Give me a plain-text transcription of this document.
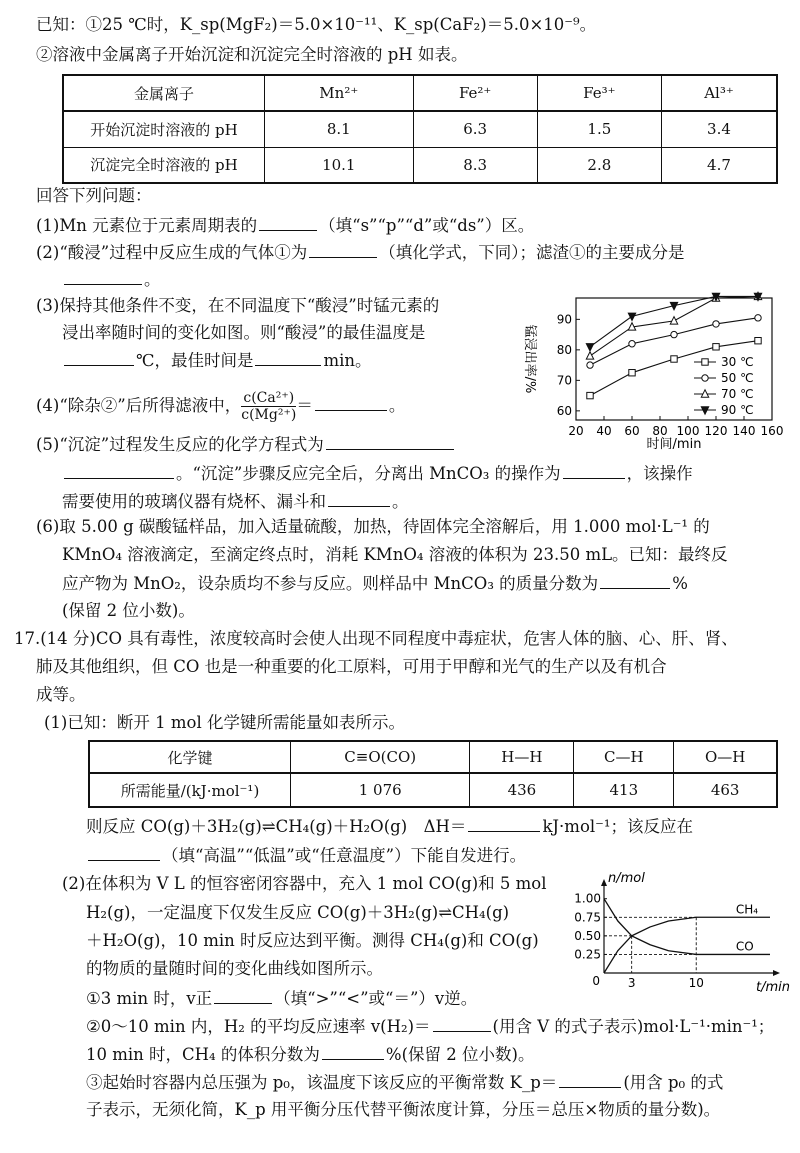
已知：①25 ℃时，K_sp(MgF₂)＝5.0×10⁻¹¹、K_sp(CaF₂)＝5.0×10⁻⁹。
②溶液中金属离子开始沉淀和沉淀完全时溶液的 pH 如表。
金属离子	Mn²⁺	Fe²⁺	Fe³⁺	Al³⁺
开始沉淀时溶液的 pH	8.1	6.3	1.5	3.4
沉淀完全时溶液的 pH	10.1	8.3	2.8	4.7
回答下列问题：
(1)Mn 元素位于元素周期表的	（填“s”“p”“d”或“ds”）区。
(2)“酸浸”过程中反应生成的气体①为	（填化学式，下同）；滤渣①的主要成分是
。
(3)保持其他条件不变，在不同温度下“酸浸”时锰元素的
浸出率随时间的变化如图。则“酸浸”的最佳温度是
℃，最佳时间是	min。
(4)“除杂②”后所得滤液中， $\frac{\text{c(Ca²⁺)}}{\text{c(Mg²⁺)}}$ ＝	。
(5)“沉淀”过程发生反应的化学方程式为
。“沉淀”步骤反应完全后，分离出 MnCO₃ 的操作为	，该操作
需要使用的玻璃仪器有烧杯、漏斗和	。
(6)取 5.00 g 碳酸锰样品，加入适量硫酸，加热，待固体完全溶解后，用 1.000 mol·L⁻¹ 的
KMnO₄ 溶液滴定，至滴定终点时，消耗 KMnO₄ 溶液的体积为 23.50 mL。已知：最终反
应产物为 MnO₂，设杂质均不参与反应。则样品中 MnCO₃ 的质量分数为	%
(保留 2 位小数)。
20 40 60 80 100 120 140 160
60
70
80
90
锰浸出率/%
时间/min
30 ℃
50 ℃
70 ℃
90 ℃
17.(14 分)CO 具有毒性，浓度较高时会使人出现不同程度中毒症状，危害人体的脑、心、肝、肾、
肺及其他组织，但 CO 也是一种重要的化工原料，可用于甲醇和光气的生产以及有机合
成等。
(1)已知：断开 1 mol 化学键所需能量如表所示。
化学键	C≡O(CO)	H—H	C—H	O—H
所需能量/(kJ·mol⁻¹)	1 076	436	413	463
则反应 CO(g)＋3H₂(g)⇌CH₄(g)＋H₂O(g)　ΔH＝	kJ·mol⁻¹；该反应在
（填“高温”“低温”或“任意温度”）下能自发进行。
(2)在体积为 V L 的恒容密闭容器中，充入 1 mol CO(g)和 5 mol
H₂(g)，一定温度下仅发生反应 CO(g)＋3H₂(g)⇌CH₄(g)
＋H₂O(g)，10 min 时反应达到平衡。测得 CH₄(g)和 CO(g)
的物质的量随时间的变化曲线如图所示。
①3 min 时，v正	（填“>”“<”或“＝”）v逆。
②0～10 min 内，H₂ 的平均反应速率 v(H₂)＝	(用含 V 的式子表示)mol·L⁻¹·min⁻¹；
10 min 时，CH₄ 的体积分数为	%(保留 2 位小数)。
③起始时容器内总压强为 p₀，该温度下该反应的平衡常数 K_p＝	(用含 p₀ 的式
子表示，无须化简，K_p 用平衡分压代替平衡浓度计算，分压＝总压×物质的量分数)。
0.25
0.50
0.75
1.00
0 3	10
CH₄
CO
n/mol
t/min
